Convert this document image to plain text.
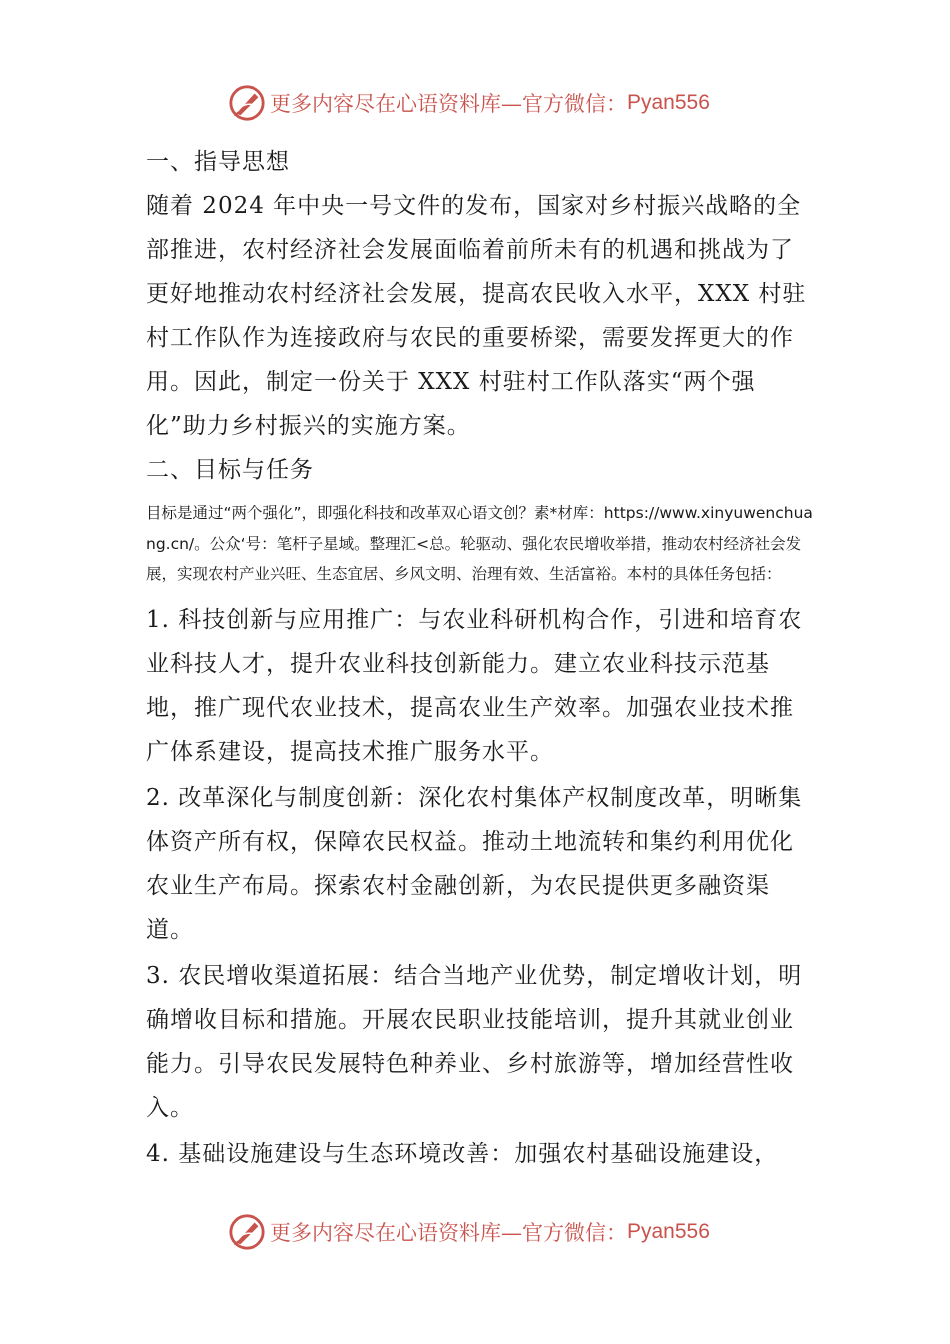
更多内容尽在心语资料库—官方微信： Pyan556

一、指导思想

随着 2024 年中央一号文件的发布，国家对乡村振兴战略的全部推进，农村经济社会发展面临着前所未有的机遇和挑战为了更好地推动农村经济社会发展，提高农民收入水平，XXX 村驻村工作队作为连接政府与农民的重要桥梁，需要发挥更大的作用。因此，制定一份关于 XXX 村驻村工作队落实“两个强化”助力乡村振兴的实施方案。

二、目标与任务

目标是通过“两个强化”，即强化科技和改革双心语文创？素*材库：https://www.xinyuwenchuang.cn/。公众‘号：笔杆子星域。整理汇<总。轮驱动、强化农民增收举措，推动农村经济社会发展，实现农村产业兴旺、生态宜居、乡风文明、治理有效、生活富裕。本村的具体任务包括：

1. 科技创新与应用推广：与农业科研机构合作，引进和培育农业科技人才，提升农业科技创新能力。建立农业科技示范基地，推广现代农业技术，提高农业生产效率。加强农业技术推广体系建设，提高技术推广服务水平。

2. 改革深化与制度创新：深化农村集体产权制度改革，明晰集体资产所有权，保障农民权益。推动土地流转和集约利用优化农业生产布局。探索农村金融创新，为农民提供更多融资渠道。

3. 农民增收渠道拓展：结合当地产业优势，制定增收计划，明确增收目标和措施。开展农民职业技能培训，提升其就业创业能力。引导农民发展特色种养业、乡村旅游等，增加经营性收入。

4. 基础设施建设与生态环境改善：加强农村基础设施建设，

更多内容尽在心语资料库—官方微信： Pyan556
